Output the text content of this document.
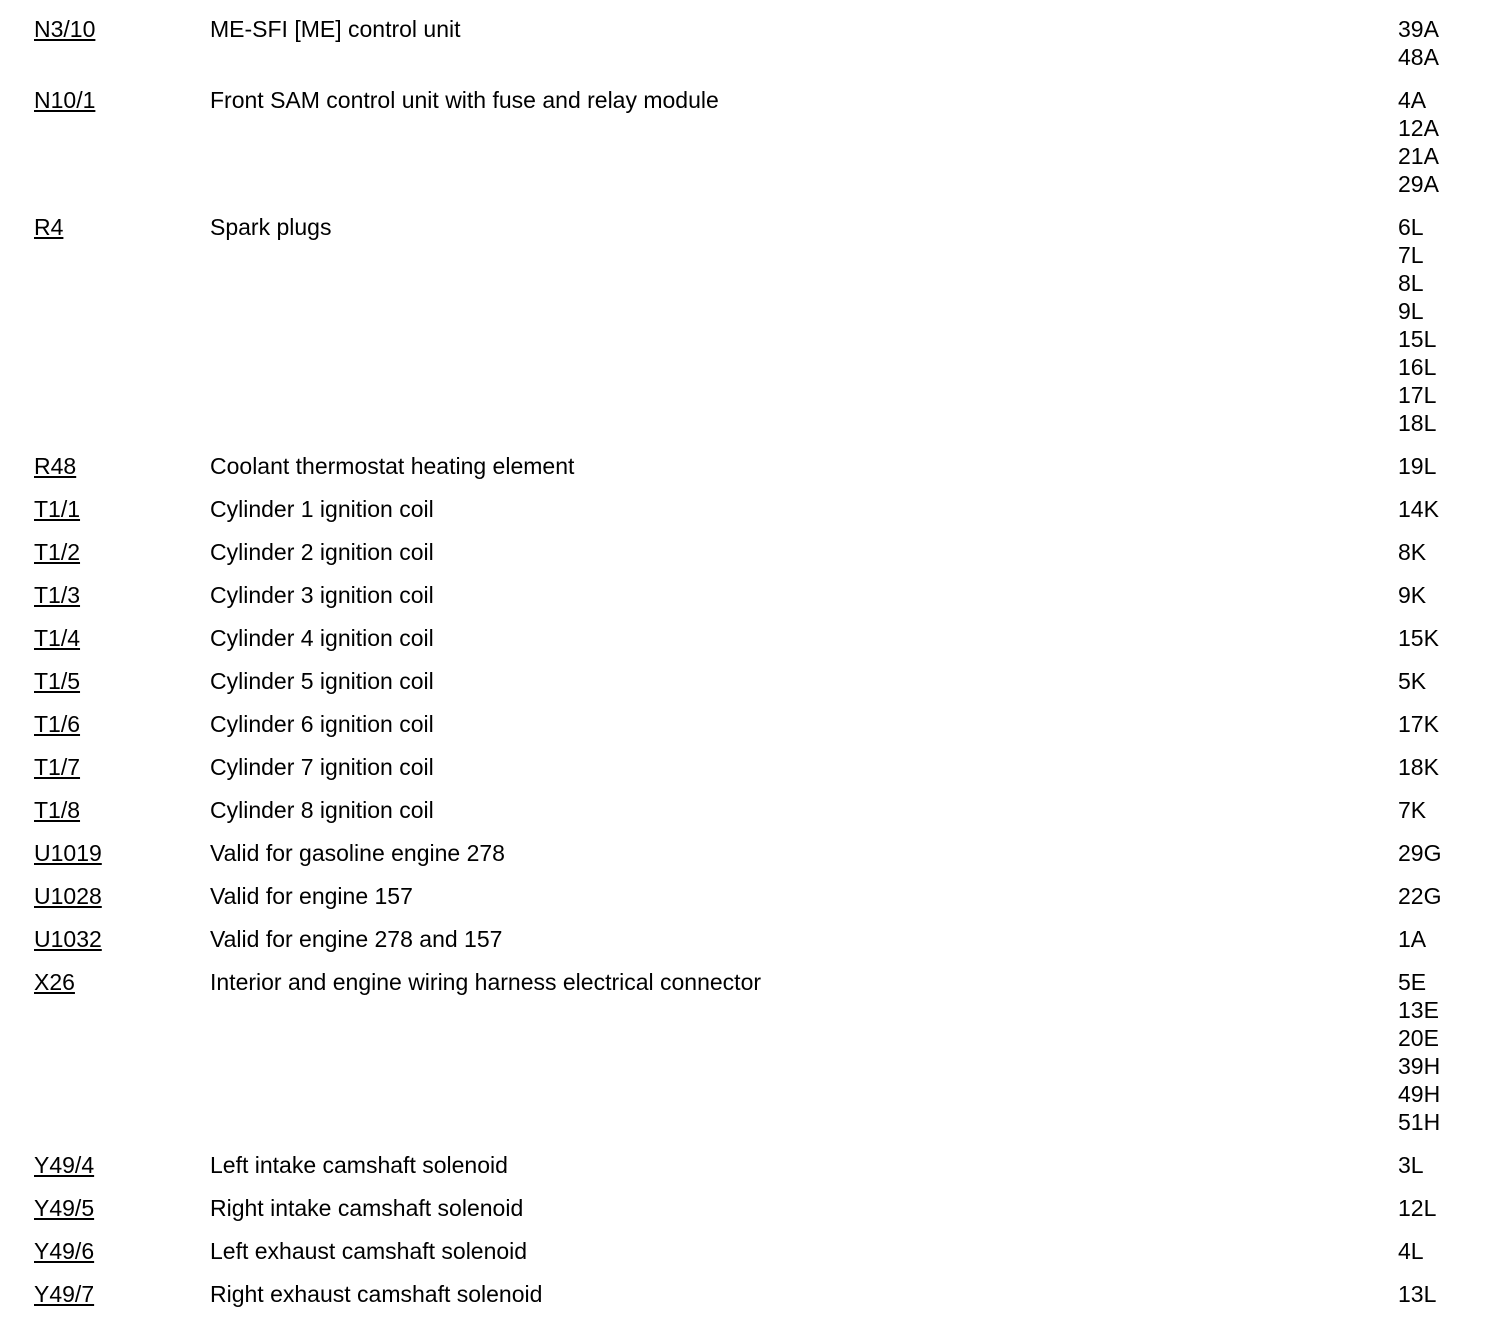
N3/10	ME-SFI [ME] control unit	39A
48A
N10/1	Front SAM control unit with fuse and relay module	4A
12A
21A
29A
R4	Spark plugs	6L
7L
8L
9L
15L
16L
17L
18L
R48	Coolant thermostat heating element	19L
T1/1	Cylinder 1 ignition coil	14K
T1/2	Cylinder 2 ignition coil	8K
T1/3	Cylinder 3 ignition coil	9K
T1/4	Cylinder 4 ignition coil	15K
T1/5	Cylinder 5 ignition coil	5K
T1/6	Cylinder 6 ignition coil	17K
T1/7	Cylinder 7 ignition coil	18K
T1/8	Cylinder 8 ignition coil	7K
U1019	Valid for gasoline engine 278	29G
U1028	Valid for engine 157	22G
U1032	Valid for engine 278 and 157	1A
X26	Interior and engine wiring harness electrical connector	5E
13E
20E
39H
49H
51H
Y49/4	Left intake camshaft solenoid	3L
Y49/5	Right intake camshaft solenoid	12L
Y49/6	Left exhaust camshaft solenoid	4L
Y49/7	Right exhaust camshaft solenoid	13L
